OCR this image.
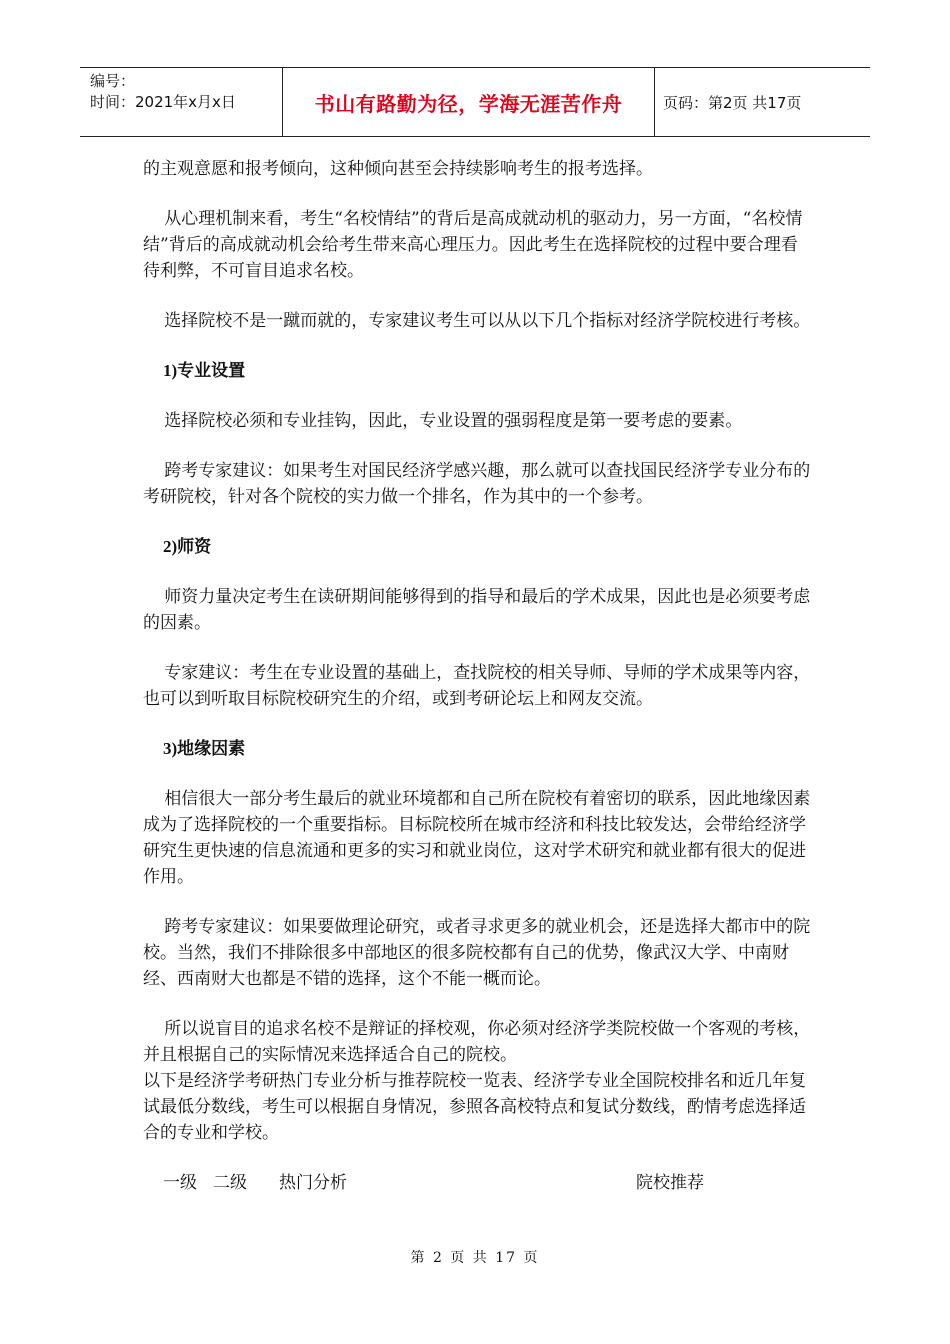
编号：
时间：2021年x月x日	书山有路勤为径，学海无涯苦作舟	页码：第2页 共17页

的主观意愿和报考倾向，这种倾向甚至会持续影响考生的报考选择。

从心理机制来看，考生“名校情结”的背后是高成就动机的驱动力，另一方面，“名校情结”背后的高成就动机会给考生带来高心理压力。因此考生在选择院校的过程中要合理看待利弊，不可盲目追求名校。

选择院校不是一蹴而就的，专家建议考生可以从以下几个指标对经济学院校进行考核。

1)专业设置

选择院校必须和专业挂钩，因此，专业设置的强弱程度是第一要考虑的要素。

跨考专家建议：如果考生对国民经济学感兴趣，那么就可以查找国民经济学专业分布的考研院校，针对各个院校的实力做一个排名，作为其中的一个参考。

2)师资

师资力量决定考生在读研期间能够得到的指导和最后的学术成果，因此也是必须要考虑的因素。

专家建议：考生在专业设置的基础上，查找院校的相关导师、导师的学术成果等内容，也可以到听取目标院校研究生的介绍，或到考研论坛上和网友交流。

3)地缘因素

相信很大一部分考生最后的就业环境都和自己所在院校有着密切的联系，因此地缘因素成为了选择院校的一个重要指标。目标院校所在城市经济和科技比较发达，会带给经济学研究生更快速的信息流通和更多的实习和就业岗位，这对学术研究和就业都有很大的促进作用。

跨考专家建议：如果要做理论研究，或者寻求更多的就业机会，还是选择大都市中的院校。当然，我们不排除很多中部地区的很多院校都有自己的优势，像武汉大学、中南财经、西南财大也都是不错的选择，这个不能一概而论。

所以说盲目的追求名校不是辩证的择校观，你必须对经济学类院校做一个客观的考核，并且根据自己的实际情况来选择适合自己的院校。

以下是经济学考研热门专业分析与推荐院校一览表、经济学专业全国院校排名和近几年复试最低分数线，考生可以根据自身情况，参照各高校特点和复试分数线，酌情考虑选择适合的专业和学校。

一级 二级 热门分析	院校推荐
第 2 页 共 17 页
